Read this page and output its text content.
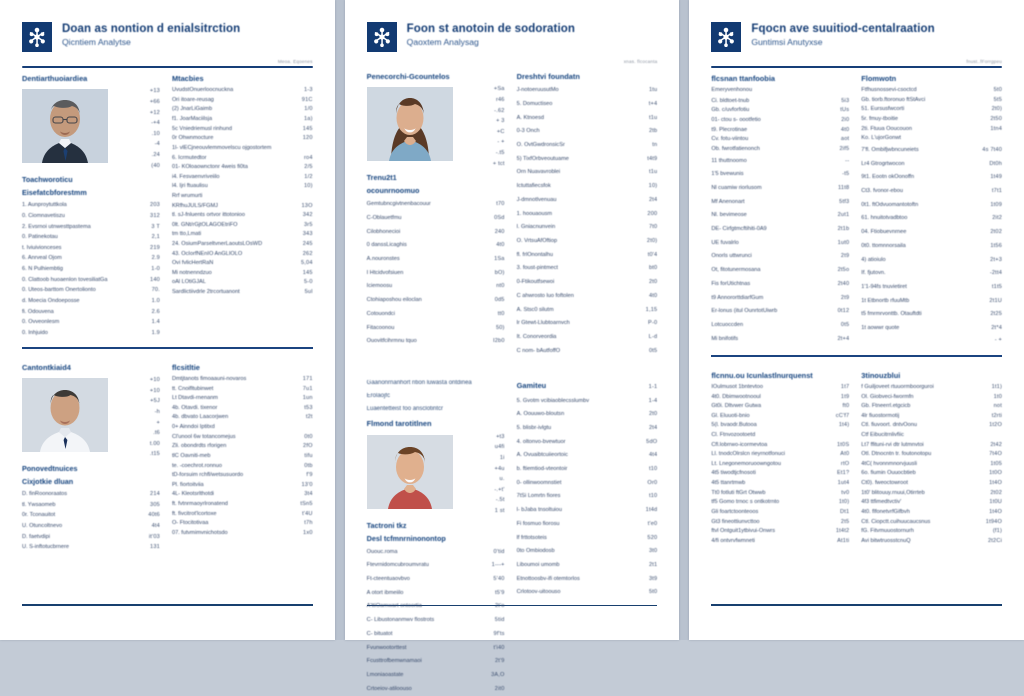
Doan as nontion d enialsitrction
Qicntiem Analytse
Meoa. Eqoenes
Dentiarthuoiardiea
+13
+66
+12
-+4
.10
-4
.24
(40
Toachworoticu
Eisefatcbforestmm
1. Aunproytuttkola	203
0. Ciomnavetiszu	312
2. Evsrnoi utnwesttpastema	3 T
0. Patinekotau	2,1
t. Iviuivionceses	219
6. Anrveal Ojom	2.9
6. N Pulhiembtig	1-0
0. Clattoob huoaenlon tovesiliatGa	140
0. Uteos-barttom Onertolionto	70.
d. Moecia Ondoeposse	1.0
fi. Odouvena	2.6
0. Ovveonlesm	1.4
0. Inhjuido	1.9
Mtacbies
UvudstOnuerloocnuckna	1-3
Ori itoare-reusag	91C
(2) JnarLiGaimb	1/0
f1. JoarMaciilsja	1a)
5c Vniedriemusl rinhund	145
0r Ohwnmocture	120
1l- vlECjneouvlemmovelscu ojgostortem
6. Icrmutedtor	ro4
01- KOloaownctonr 4weis fi0ta	2/5
i4. Fesvaenvriveiilo	1/2
l4. Ijri ftuaulisu	10)
Rrf wrumurti
KRfhuJULS/FGMJ	13O
tl. sJ-fnluents ortvor ittotonioo	342
0lt. GNt/rGjtOLAGOEtriFO	3r5
tm tto,Lmati	343
24. OsiumParseltvnerLaoutsLOsWD	245
43. OcIorfNEnIO AnGLIOLO	262
Ovi fvlicHertRaN	5,04
Mi notnenndzuo	145
oAl LOtiGJAL	5-0
Sardlictiivdrle 2trcortuanont	5ul
Cantontkiaid4
+10
+10
+5J
-h
+
.t6
t.00
.t15
Ponovedtnuices
Cixjotkie dluan
D. finRoonoraatos	214
tl. Ywsaomeb	305
0r. Tconauitot	40t6
U. Otuncoltnevo	4t4
D. faetvdipi	it'03
U. S-inftotucbrnere	131
flcsitltie
Dmtjtanots fimoaauni-novaros	171
tt. Cnoifltubinwet	7u1
Lt Dtavdi-rnenanm	1un
4b. Otavdi. tixenor	t53
4b. dbvato Laacorjwen	t2t
0+ Ainndoi Iptitxd
Cl'unool 6w totancomejus	0t0
Zli. obondrdts rforigen	2fO
tlC Oavniti-meb	tifu
te. -coechrot.ronnuo	0tb
tD-forsuim rchfl/wetsusuordo	f'9
Pl. fiortoitviia	13'0
4L- Kleotsrlthotdi	3t4
ft. fvtnrmaoyrlronatend	tSn5
ft. fivcitrot'lcortoxe	t'4U
O- Ftocitotivaa	t7h
07. futvmimvnichotsdo	1x0
Foon st anotoin de sodoration
Qaoxtem Analysag
xnas. flcocanta
Penecorchi-Gcountelos
+Sa
r46
-.62
+ 3
+C
- +
-.t5
+ tct
Trenu2t1
ocounrnoomuo
Gemtubncgivtnenbacouur	t70
C-Oblauetfmu	0Sd
Cilobhonecioi	240
0 danssLicaghis	4t0
A.nouronstes	1Sa
I Htcidvofsiuen	bO)
Iciemoosu	nt0
Ctohiaposhou eiloclan	0d5
Cotouondci	tt0
Fitacoonou	50)
Ouovitfcihrmnu tquo	I2b0
Dreshtvi foundatn
J-notoeruusutMo	1tu
5. Domuctiseo	t+4
A. Ktnoesd	t1u
0-3 Onch	2tb
O. OvtGwdronsicSr	tn
5) TixfOrbveoutuame	t4t9
Orn Nuavavroblei	t1u
Ictuttafiecsfok	10)
J-dmnotlvenuau	2t4
1. hoouaousm	200
l. Gniacnunvein	7t0
O. VrtsuAfOftiop	2t0)
fl. frlOnontalhu	t0'4
3. foust-pintmect	bt0
0-Ftikoutfsewoi	2t0
C ahwrosto luo foftolen	4t0
A. Stsc0 silutm	1,15
lr Gtewt-Llubtoarnvch	P-0
It. Conorveordia	L-d
C nom- bAutfoffO	0t5
Gaanonrnanhort rition luwasta ontdinea
Erolaojfc
Luaentetteist foo ansclotintcr
Flmond tarotitlnen
+t3
u4fi
1i
+4u
u.
-.+t'
-.5t
1 st
Tactroni tkz
Desl tcfmnrninonontop
Ououc.roma	0'tid
Ftevrnidomcubroumvratu	1---+
Ft-cteentuaovbvo	5'40
A otort ibmeiilo	t5'9
A'ttiOamwart ontoortia	2t'o
C- Libustonanmwv flostrots	5tid
C- bituatot	9f'ts
Fvunwootorttest	t'i40
Fcusttrofbemwnamaoi	2t'9
Lmoniaoastate	3A,O
Crtoeiov-atiloouso	2it0
Gamiteu	1-1
5. Gvotm vcibiaoblecsslumbv	1-4
A. Oouuwo-bloutsn	2t0
5. blisbr-ivlgtu	2t4
4. oltonvo-bvewtuor	5dO
A. Ovuaibtcuiieortoic	4t4
b. ftiemtiod-vteontoir	t10
0- ollinwoomnstiet	Or0
7tSi Lomrtn fiores	t10
l- bJaba tnsoltuiou	1t4d
Fi fosmuo fiorosu	t'e0
lf frttotsoteis	520
0to Ombiodosb	3t0
Liboumoi umomb	2t1
Etnottoosbv-ifi otemtorlos	3t9
Crlotoov-uitoouso	5t0
Fqocn ave suuitiod-centalraation
Guntimsi Anutyxse
fnust..fForrgpeu
flcsnan ttanfoobia
Emeryvenhonou
Ci. bldtoet-tnub	5i3
Gb. c/uvforfotiu	tUs
01- ctou s- oootfetio	2i0
t9. Plecrotinae	4t0
Cv. fotu-viintou	aot
Ob. fwrotfatienonch	2if5
11 thuttnoomo	--
1'5 bvewunis	-t5
Nl cuamiw riorlusom	11t8
Mf Anenonart	5tf3
Nl. bevimeose	2ut1
DE- Cirfgtmcftihiti-0A9	2t1b
UE fuvalrlo	1ut0
Onorls uttwrunci	2t9
Ot, fitotunermosana	2t5o
Fis forUtichtnas	2t40
t9 AnnororttdiarfGum	2t9
Er-lonus (itul OunrtotUiwrb	0t12
Lotcuoccden	0t5
Mi bnifotifs	2t+4
Flomwotn
Ftfhusnossevi-csoctcd	5t0
Gb. tiorb.ftoronuo ftStAvci	5t5
51. Eursusfwcorti	2t0)
5r. fmuy-tboitie	2t50
2ti. Ftuua Ooucouon	1tn4
Ko. L'ujorGonwt
7'fl. Ombifjwbncuneiets	4s 7t40
Lr4 Gtrogrtwocon	Dt0h
9t1. Eootn okOonoffn	1t49
Ct3. fvonor-ebou	t7t1
0t1. ftOdvuomantotoftn	1t09
61. hnuitotvadbtoo	2it2
04. Ftiobuevnrnee	2t02
0t0. ttomnnorsaila	1t56
4) atioiulo	2t+3
If. fjutovn.	-2tt4
1'1-94fs tnuvietiret	t1t5
1t Etbnortb rfuuMtb	2t1U
t5 fmrmrvonttb. Otauftdti	2t25
1t aowwr quote	2t*4
- +
flcnnu.ou Icunlastlnurquenst
IOulmusot 1bntevtoo	1t7
4t0. Dbimwootnooul	1t9
Gt0i. Dltvwer Gutwa	ft0
Gl. Eluuoti-bnio	cC'f7
5(l. bvaodr.Butooa	1t4)
Cl. Ftnvozootoetd
Cfl.lobrrwo-icormevtoa	1t0S
Ll. tnodcOlrslcn rieyrnotfonuci	At0
Lt. Lnegonemoruoowngotou	rtO
4t5 tiwodtjcfnosoti	Et1?
4t5 ttanrtmwb	1ut4
Tt0 fotluti ftGrt Otwwb	tv0
tf5 Gomo trnoc s ontkotrnto	1t0)
Gli foartctoonteoos	Dt1
Gt3 fineottiunvcttoo	2t5
ftvl Ontguit1ytbivui-Onwrs	1t4t2
4/fi ontvrvfwmneti	At1ti
3tinouzblui
f Guiljoveet rtuuormboorguroi	1t1)
Ol. Giobveci-fwormfn	1t0
Gb. Ftneerrl.etgcicb	not
4lr fiuostormotij	t2rti
Ctl. fiuvoort. dntvOonu	1t2O
Ctf Eibucitrnlivfiic
Lt7 ffituni-rvi dtr lutmnvtoi	2t42
Otl. Dtnocntn tr. foutonotopu	7t4O
4tC( hvonnmnorvjuusli	1t05
6o. fiumin Ouuocbtieb	1t0O
Ct0). fweoctowroot	1t4O
1t0' blitouuy.rnuui,Otirrteb	2t02
4f3 ttfimedtvctiv'	1t0U
4t0. flfonetvrfGifbvh	1t4O
Ctl. Ciopctt.cuihuucaucsnus	1t94O
fG. Fitvmuuostornurh	(f1)
Avi bitwtruosstcnuQ	2t2Ci
